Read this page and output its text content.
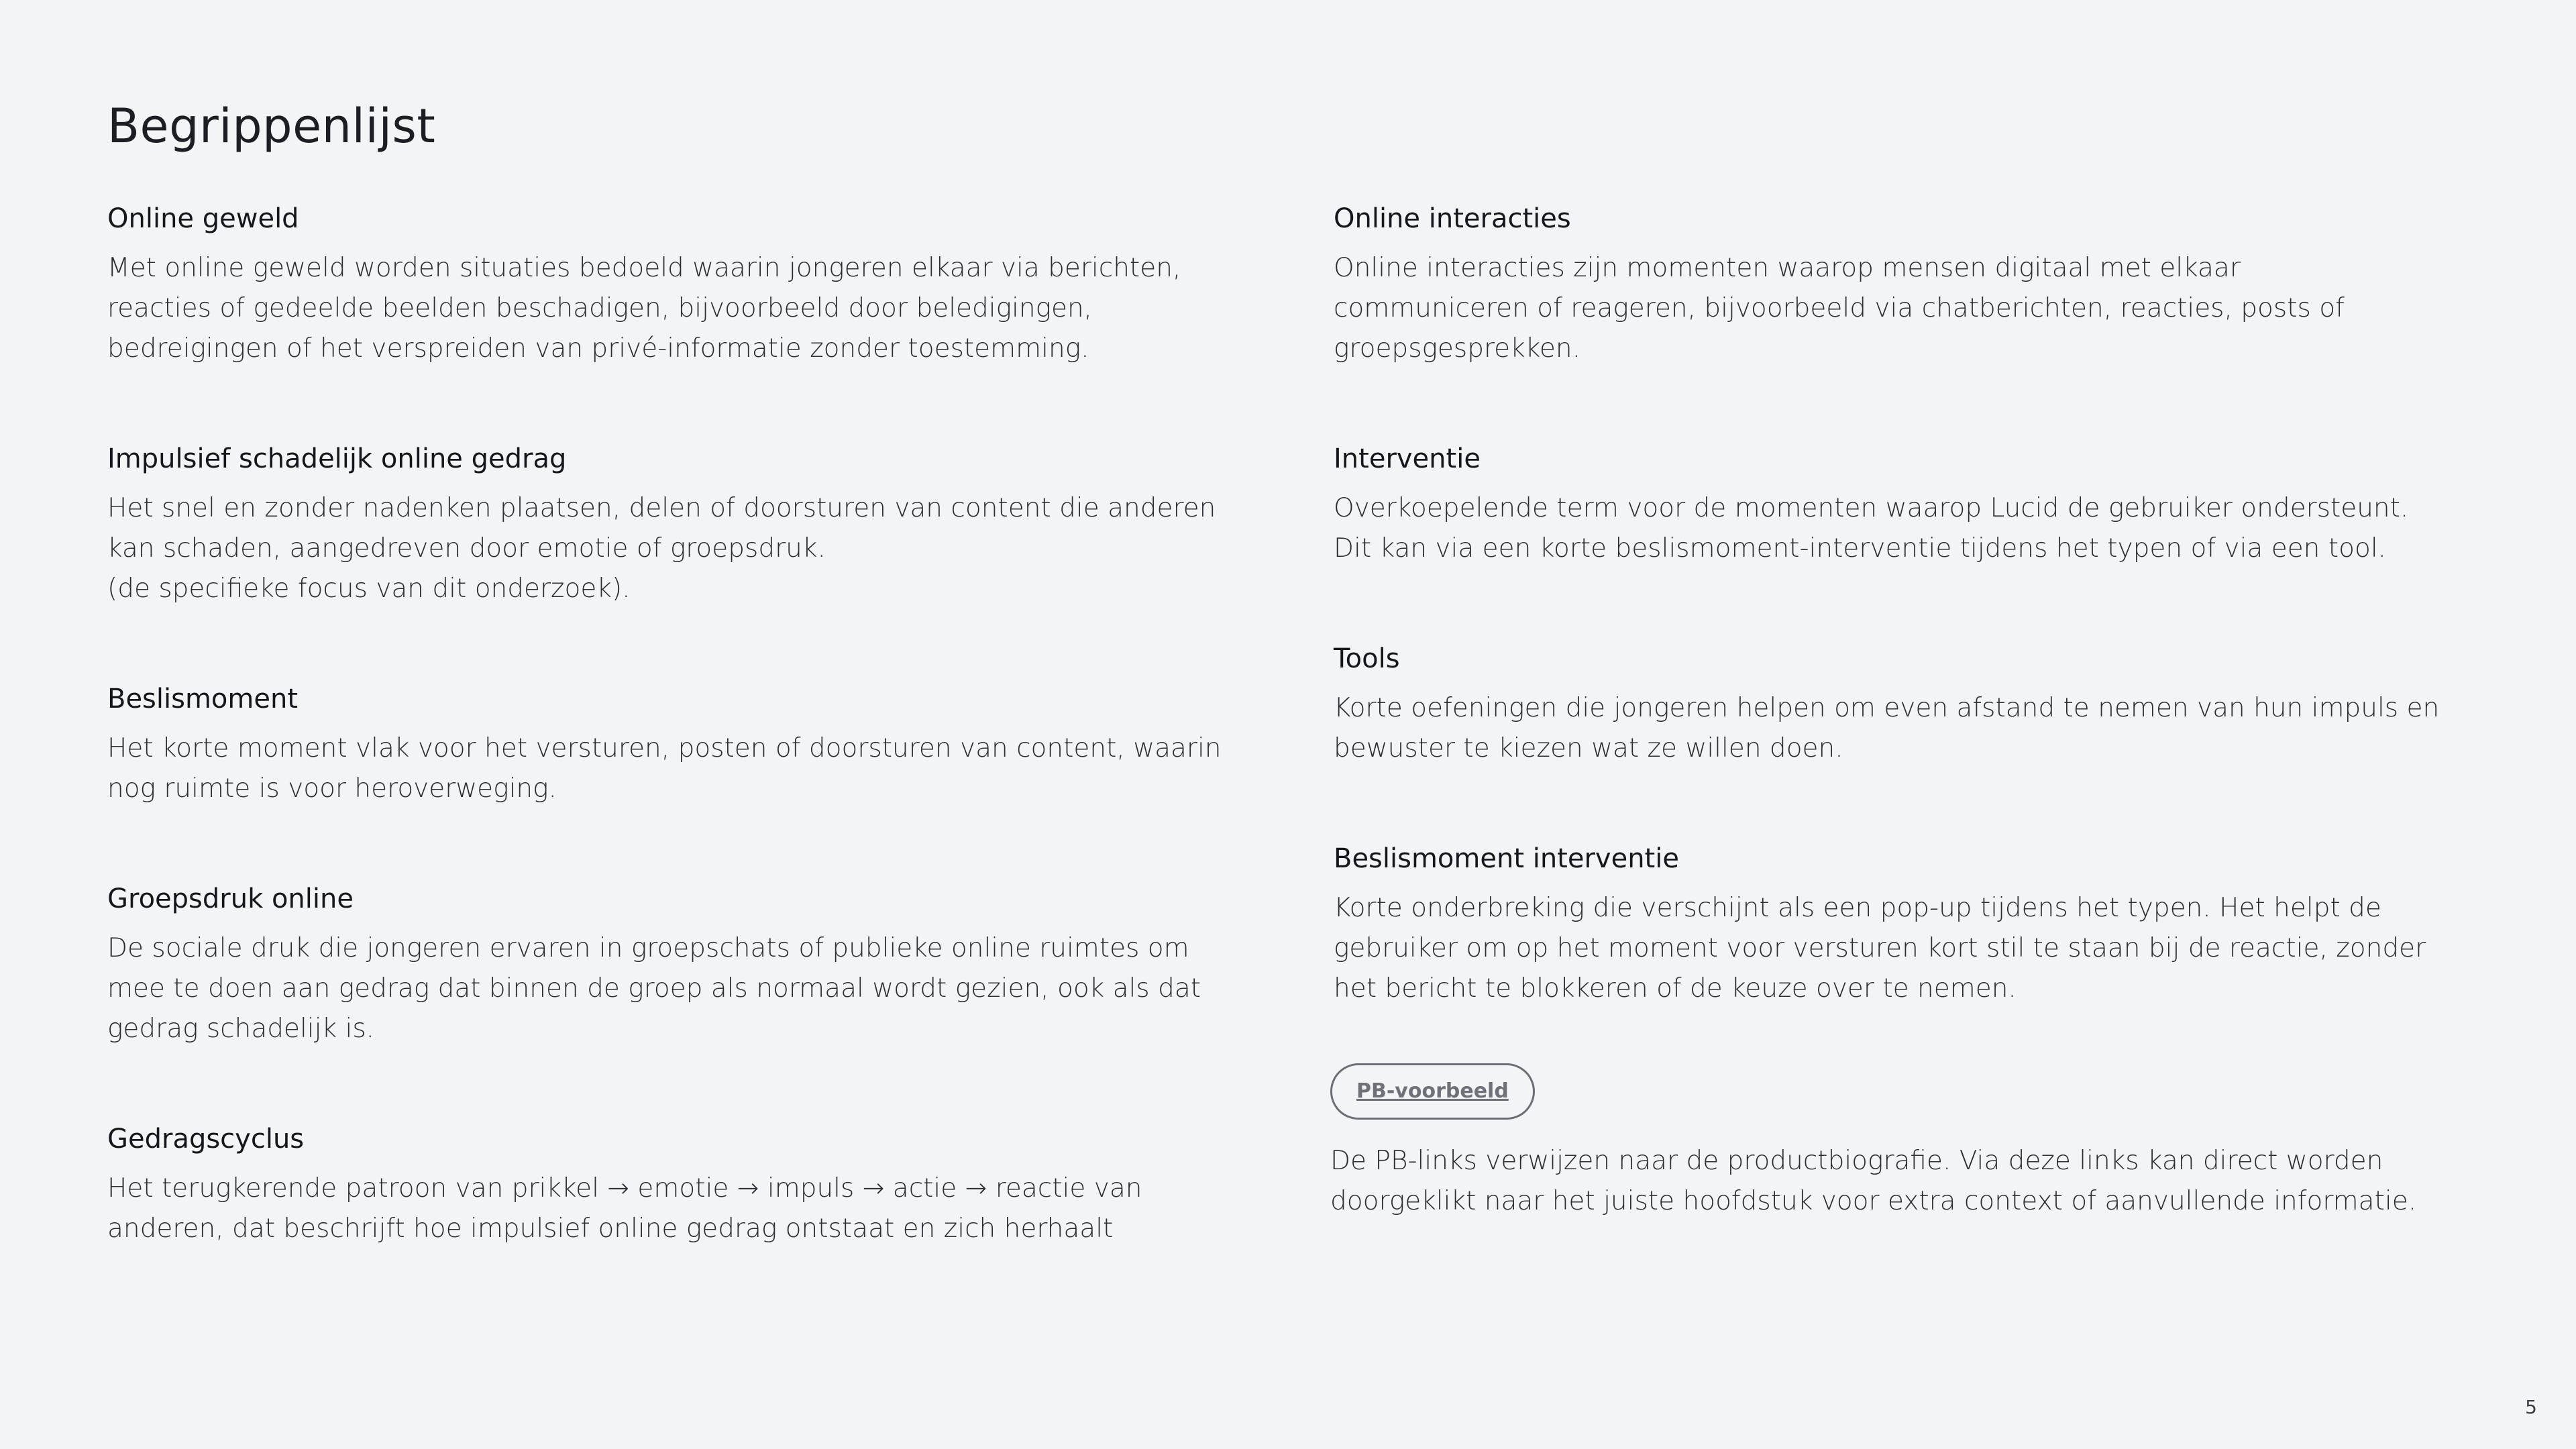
Begrippenlijst

Online geweld

Met online geweld worden situaties bedoeld waarin jongeren elkaar via berichten,
reacties of gedeelde beelden beschadigen, bijvoorbeeld door beledigingen,
bedreigingen of het verspreiden van privé-informatie zonder toestemming.

Impulsief schadelijk online gedrag

Het snel en zonder nadenken plaatsen, delen of doorsturen van content die anderen
kan schaden, aangedreven door emotie of groepsdruk.
(de specifieke focus van dit onderzoek).

Beslismoment

Het korte moment vlak voor het versturen, posten of doorsturen van content, waarin
nog ruimte is voor heroverweging.

Groepsdruk online

De sociale druk die jongeren ervaren in groepschats of publieke online ruimtes om
mee te doen aan gedrag dat binnen de groep als normaal wordt gezien, ook als dat
gedrag schadelijk is.

Gedragscyclus

Het terugkerende patroon van prikkel → emotie → impuls → actie → reactie van
anderen, dat beschrijft hoe impulsief online gedrag ontstaat en zich herhaalt

Online interacties

Online interacties zijn momenten waarop mensen digitaal met elkaar
communiceren of reageren, bijvoorbeeld via chatberichten, reacties, posts of
groepsgesprekken.

Interventie

Overkoepelende term voor de momenten waarop Lucid de gebruiker ondersteunt.
Dit kan via een korte beslismoment-interventie tijdens het typen of via een tool.

Tools

Korte oefeningen die jongeren helpen om even afstand te nemen van hun impuls en
bewuster te kiezen wat ze willen doen.

Beslismoment interventie

Korte onderbreking die verschijnt als een pop-up tijdens het typen. Het helpt de
gebruiker om op het moment voor versturen kort stil te staan bij de reactie, zonder
het bericht te blokkeren of de keuze over te nemen.

PB-voorbeeld
De PB-links verwijzen naar de productbiografie. Via deze links kan direct worden
doorgeklikt naar het juiste hoofdstuk voor extra context of aanvullende informatie.
5
